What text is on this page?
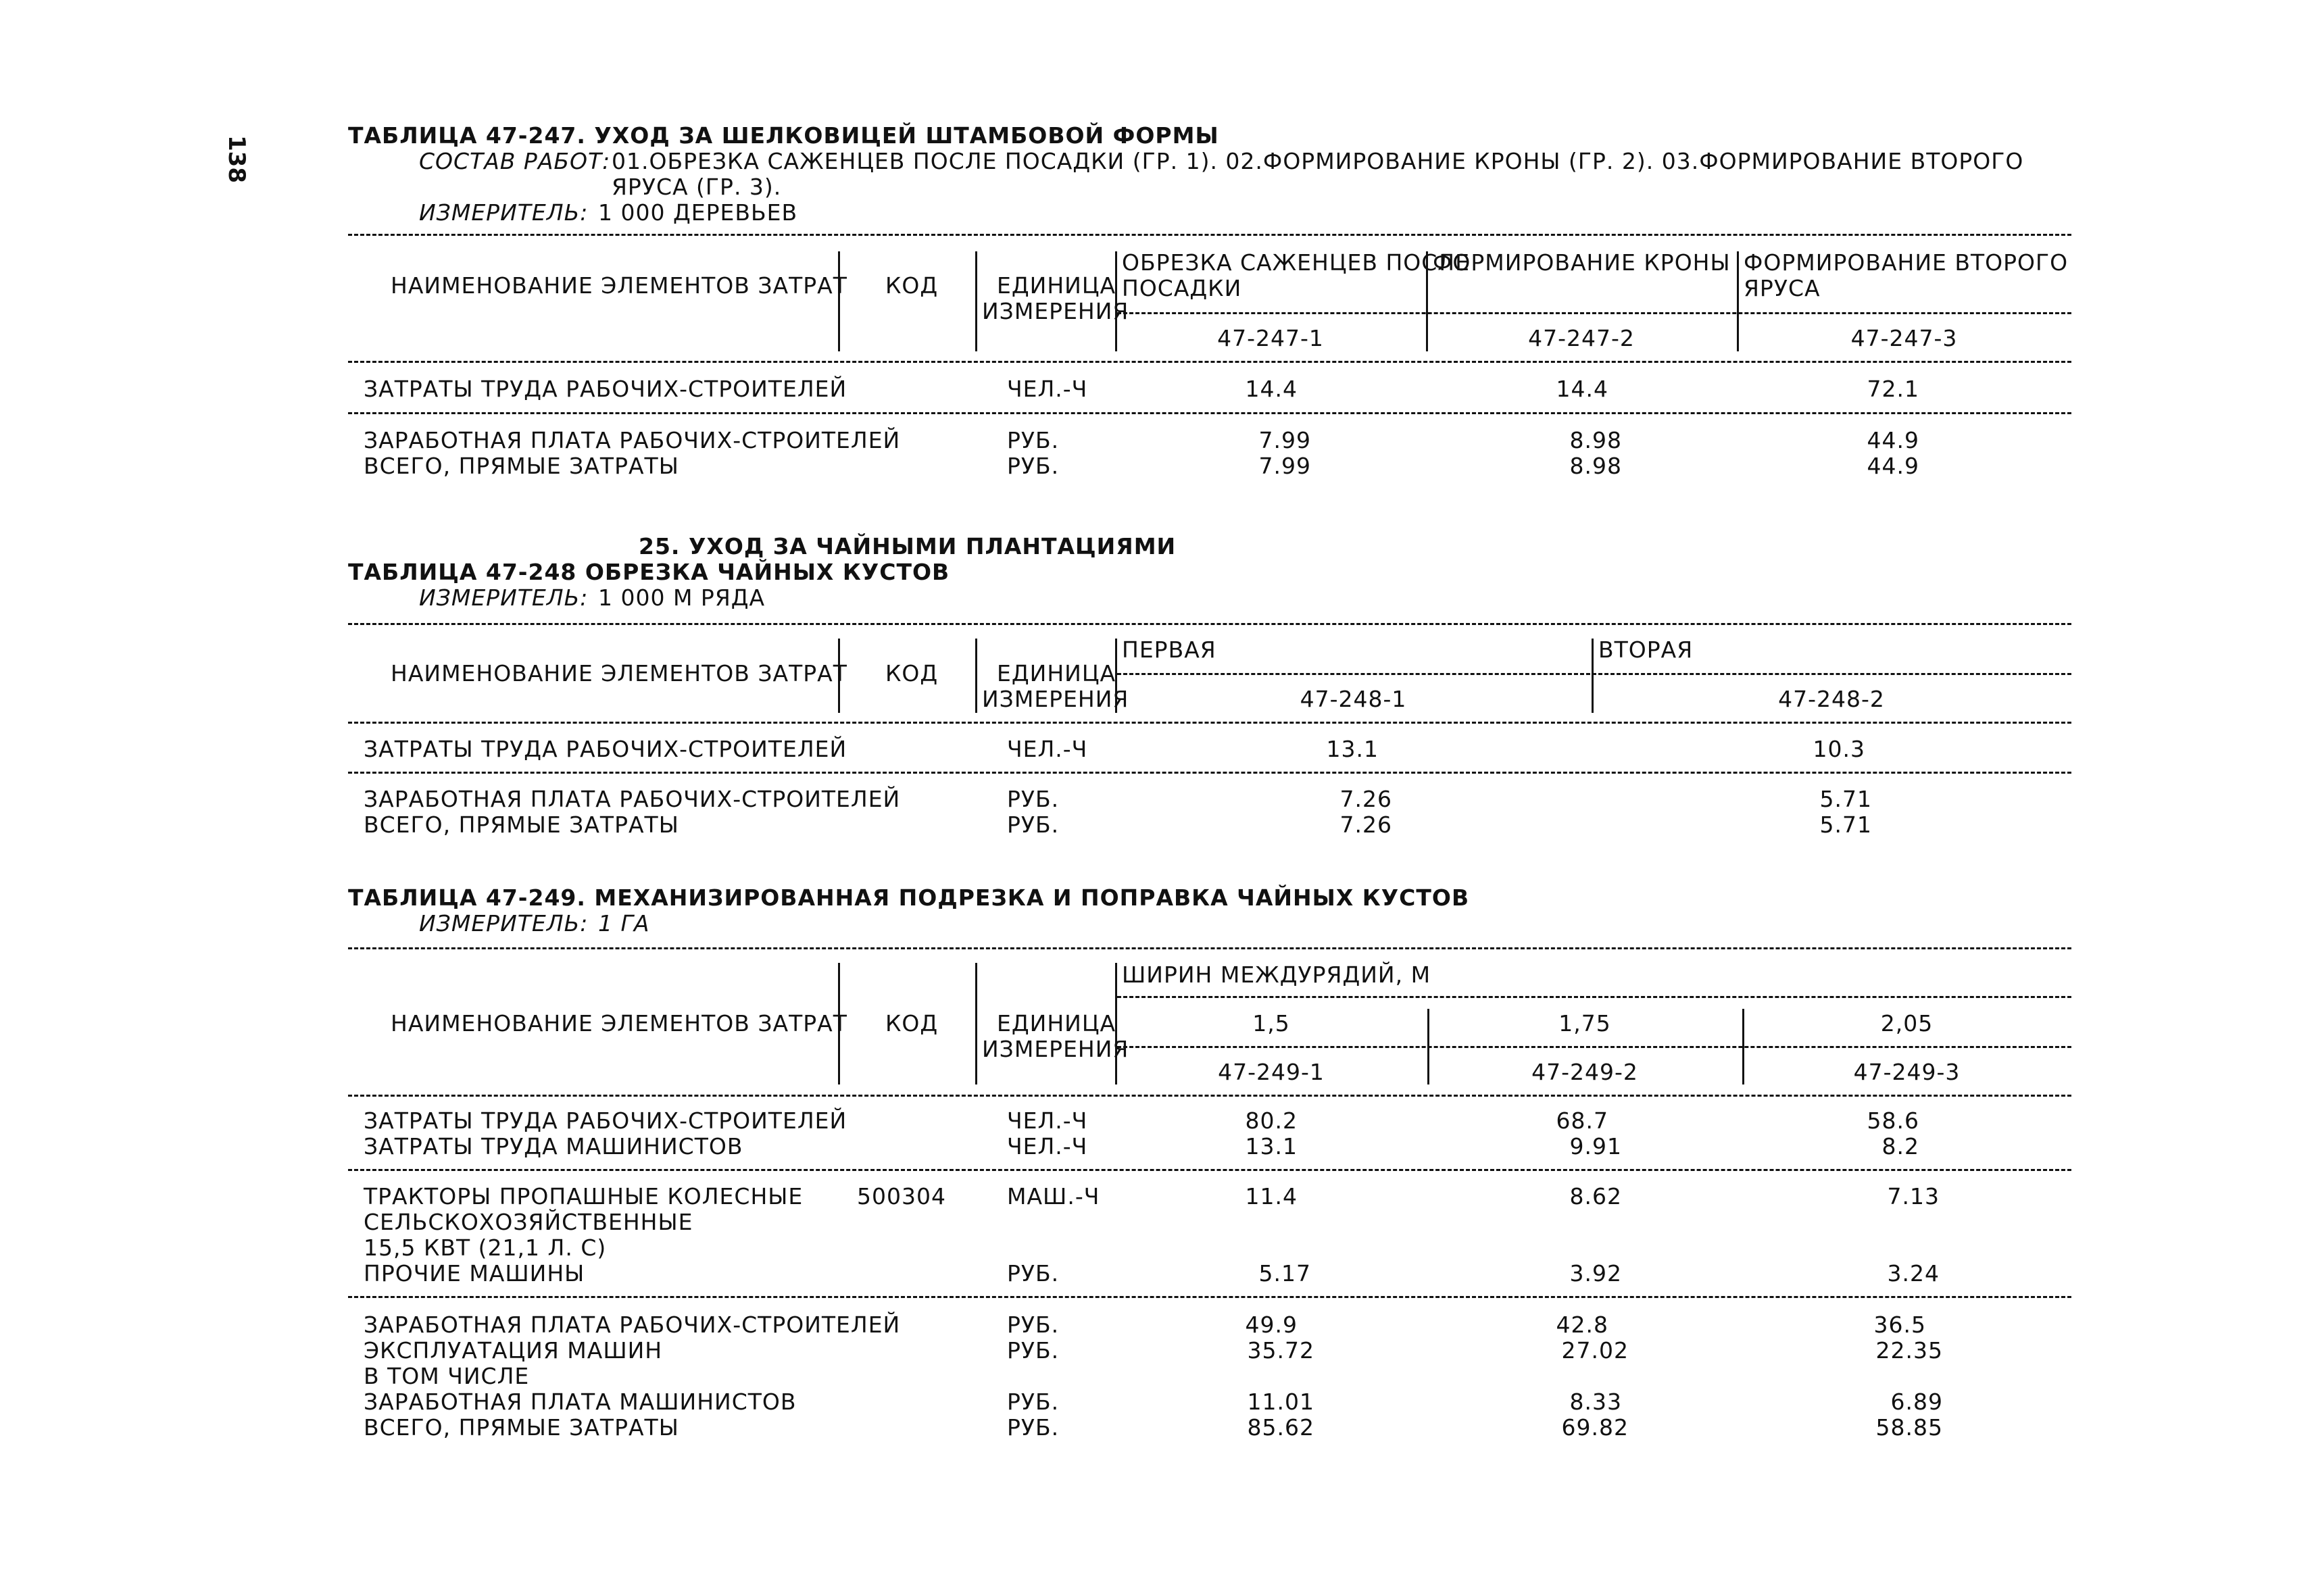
138	ТАБЛИЦА 47-247. УХОД ЗА ШЕЛКОВИЦЕЙ ШТАМБОВОЙ ФОРМЫ
СОСТАВ РАБОТ: 01.ОБРЕЗКА САЖЕНЦЕВ ПОСЛЕ ПОСАДКИ (ГР. 1). 02.ФОРМИРОВАНИЕ КРОНЫ (ГР. 2). 03.ФОРМИРОВАНИЕ ВТОРОГО
ЯРУСА (ГР. 3).
ИЗМЕРИТЕЛЬ: 1 000 ДЕРЕВЬЕВ
НАИМЕНОВАНИЕ ЭЛЕМЕНТОВ ЗАТРАТ КОД	ЕДИНИЦА
ИЗМЕРЕНИЯ
ОБРЕЗКА САЖЕНЦЕВ ПОСЛЕ
ПОСАДКИ
ФОРМИРОВАНИЕ КРОНЫ ФОРМИРОВАНИЕ ВТОРОГО
ЯРУСА
47-247-1	47-247-2	47-247-3
ЗАТРАТЫ ТРУДА РАБОЧИХ-СТРОИТЕЛЕЙ	ЧЕЛ.-Ч	14.4	14.4	72.1
ЗАРАБОТНАЯ ПЛАТА РАБОЧИХ-СТРОИТЕЛЕЙ	РУБ.	7.99	8.98	44.9
ВСЕГО, ПРЯМЫЕ ЗАТРАТЫ	РУБ.	7.99	8.98	44.9
25. УХОД ЗА ЧАЙНЫМИ ПЛАНТАЦИЯМИ
ТАБЛИЦА 47-248 ОБРЕЗКА ЧАЙНЫХ КУСТОВ
ИЗМЕРИТЕЛЬ: 1 000 М РЯДА
НАИМЕНОВАНИЕ ЭЛЕМЕНТОВ ЗАТРАТ КОД	ЕДИНИЦА
ИЗМЕРЕНИЯ
ПЕРВАЯ	ВТОРАЯ
47-248-1	47-248-2
ЗАТРАТЫ ТРУДА РАБОЧИХ-СТРОИТЕЛЕЙ	ЧЕЛ.-Ч	13.1	10.3
ЗАРАБОТНАЯ ПЛАТА РАБОЧИХ-СТРОИТЕЛЕЙ	РУБ.	7.26	5.71
ВСЕГО, ПРЯМЫЕ ЗАТРАТЫ	РУБ.	7.26	5.71
ТАБЛИЦА 47-249. МЕХАНИЗИРОВАННАЯ ПОДРЕЗКА И ПОПРАВКА ЧАЙНЫХ КУСТОВ
ИЗМЕРИТЕЛЬ: 1 ГА
ШИРИН МЕЖДУРЯДИЙ, М
НАИМЕНОВАНИЕ ЭЛЕМЕНТОВ ЗАТРАТ КОД	ЕДИНИЦА
ИЗМЕРЕНИЯ
1,5	1,75	2,05
47-249-1	47-249-2	47-249-3
ЗАТРАТЫ ТРУДА РАБОЧИХ-СТРОИТЕЛЕЙ	ЧЕЛ.-Ч	80.2	68.7	58.6
ЗАТРАТЫ ТРУДА МАШИНИСТОВ	ЧЕЛ.-Ч	13.1	9.91	8.2
ТРАКТОРЫ ПРОПАШНЫЕ КОЛЕСНЫЕ 500304	МАШ.-Ч	11.4	8.62	7.13
СЕЛЬСКОХОЗЯЙСТВЕННЫЕ
15,5 КВТ (21,1 Л. С)
ПРОЧИЕ МАШИНЫ	РУБ.	5.17	3.92	3.24
ЗАРАБОТНАЯ ПЛАТА РАБОЧИХ-СТРОИТЕЛЕЙ	РУБ.	49.9	42.8	36.5
ЭКСПЛУАТАЦИЯ МАШИН	РУБ.	35.72	27.02	22.35
В ТОМ ЧИСЛЕ
ЗАРАБОТНАЯ ПЛАТА МАШИНИСТОВ	РУБ.	11.01	8.33	6.89
ВСЕГО, ПРЯМЫЕ ЗАТРАТЫ	РУБ.	85.62	69.82	58.85
